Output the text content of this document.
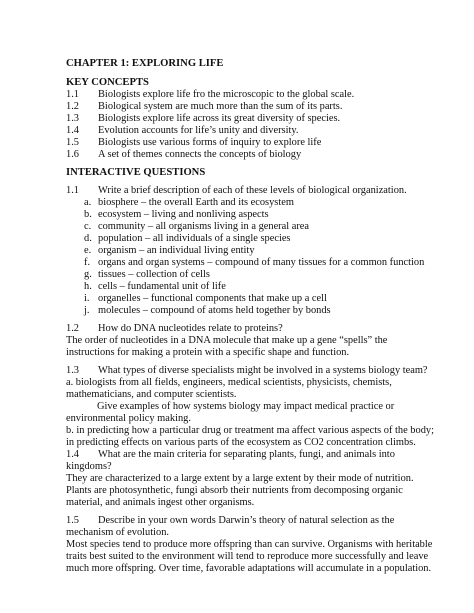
CHAPTER 1: EXPLORING LIFE
KEY CONCEPTS
1.1 Biologists explore life fro the microscopic to the global scale.
1.2 Biological system are much more than the sum of its parts.
1.3 Biologists explore life across its great diversity of species.
1.4 Evolution accounts for life’s unity and diversity.
1.5 Biologists use various forms of inquiry to explore life
1.6 A set of themes connects the concepts of biology
INTERACTIVE QUESTIONS
1.1 Write a brief description of each of these levels of biological organization.
a. biosphere – the overall Earth and its ecosystem
b. ecosystem – living and nonliving aspects
c. community – all organisms living in a general area
d. population – all individuals of a single species
e. organism – an individual living entity
f. organs and organ systems – compound of many tissues for a common function
g. tissues – collection of cells
h. cells – fundamental unit of life
i. organelles – functional components that make up a cell
j. molecules – compound of atoms held together by bonds
1.2 How do DNA nucleotides relate to proteins?
The order of nucleotides in a DNA molecule that make up a gene “spells” the
instructions for making a protein with a specific shape and function.
1.3 What types of diverse specialists might be involved in a systems biology team?
a. biologists from all fields, engineers, medical scientists, physicists, chemists,
mathematicians, and computer scientists.
Give examples of how systems biology may impact medical practice or
environmental policy making.
b. in predicting how a particular drug or treatment ma affect various aspects of the body;
in predicting effects on various parts of the ecosystem as CO2 concentration climbs.
1.4 What are the main criteria for separating plants, fungi, and animals into
kingdoms?
They are characterized to a large extent by a large extent by their mode of nutrition.
Plants are photosynthetic, fungi absorb their nutrients from decomposing organic
material, and animals ingest other organisms.
1.5 Describe in your own words Darwin’s theory of natural selection as the
mechanism of evolution.
Most species tend to produce more offspring than can survive. Organisms with heritable
traits best suited to the environment will tend to reproduce more successfully and leave
much more offspring. Over time, favorable adaptations will accumulate in a population.
